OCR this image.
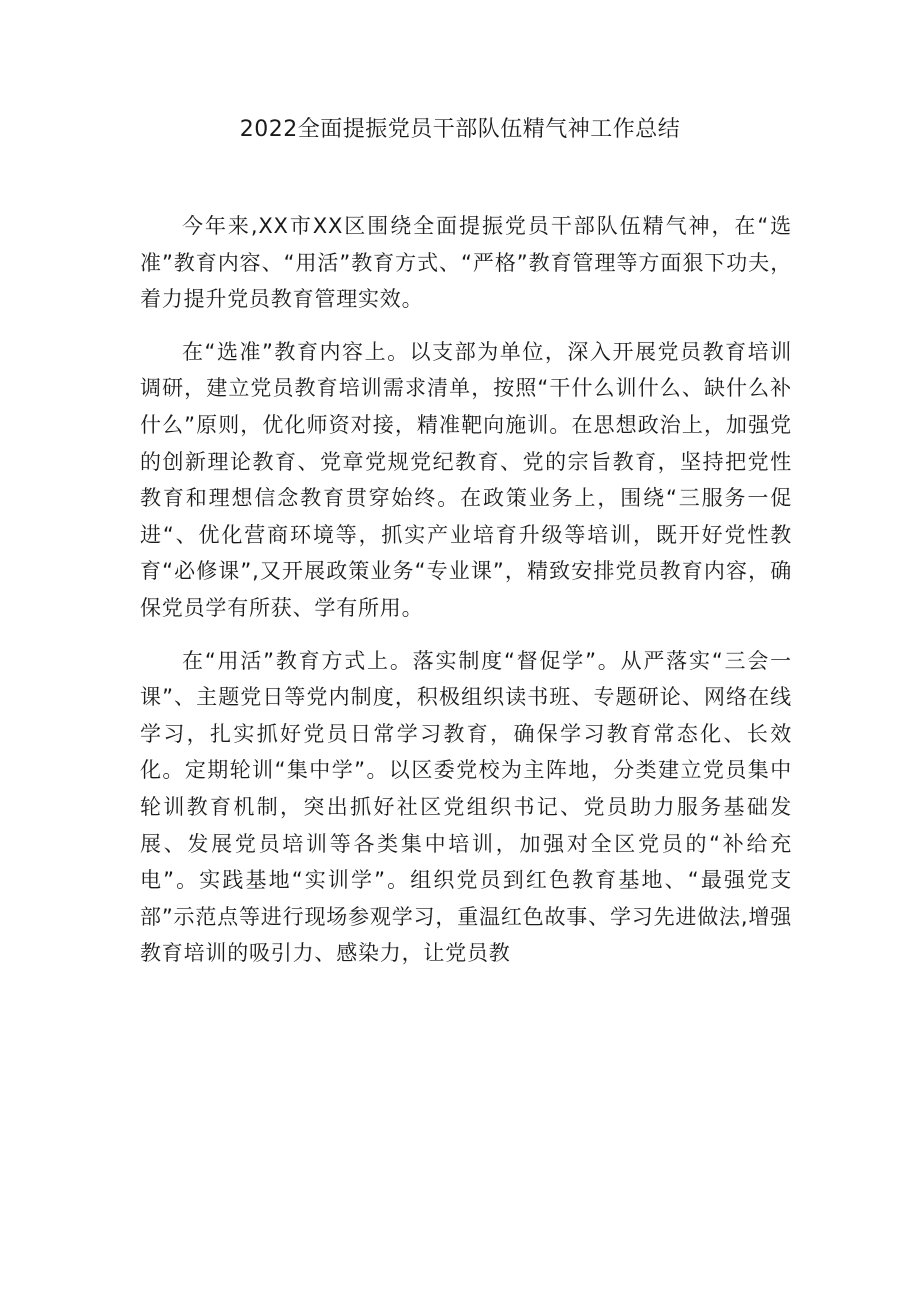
2022全面提振党员干部队伍精气神工作总结

今年来,XX市XX区围绕全面提振党员干部队伍精气神，在“选准”教育内容、“用活”教育方式、“严格”教育管理等方面狠下功夫，着力提升党员教育管理实效。

在“选准”教育内容上。以支部为单位，深入开展党员教育培训调研，建立党员教育培训需求清单，按照“干什么训什么、缺什么补什么”原则，优化师资对接，精准靶向施训。在思想政治上，加强党的创新理论教育、党章党规党纪教育、党的宗旨教育，坚持把党性教育和理想信念教育贯穿始终。在政策业务上，围绕“三服务一促进“、优化营商环境等，抓实产业培育升级等培训，既开好党性教育“必修课”,又开展政策业务“专业课”，精致安排党员教育内容，确保党员学有所获、学有所用。

在“用活”教育方式上。落实制度“督促学”。从严落实“三会一课”、主题党日等党内制度，积极组织读书班、专题研论、网络在线学习，扎实抓好党员日常学习教育，确保学习教育常态化、长效化。定期轮训“集中学”。以区委党校为主阵地，分类建立党员集中轮训教育机制，突出抓好社区党组织书记、党员助力服务基础发展、发展党员培训等各类集中培训，加强对全区党员的“补给充电”。实践基地“实训学”。组织党员到红色教育基地、“最强党支部”示范点等进行现场参观学习，重温红色故事、学习先进做法,增强教育培训的吸引力、感染力，让党员教
